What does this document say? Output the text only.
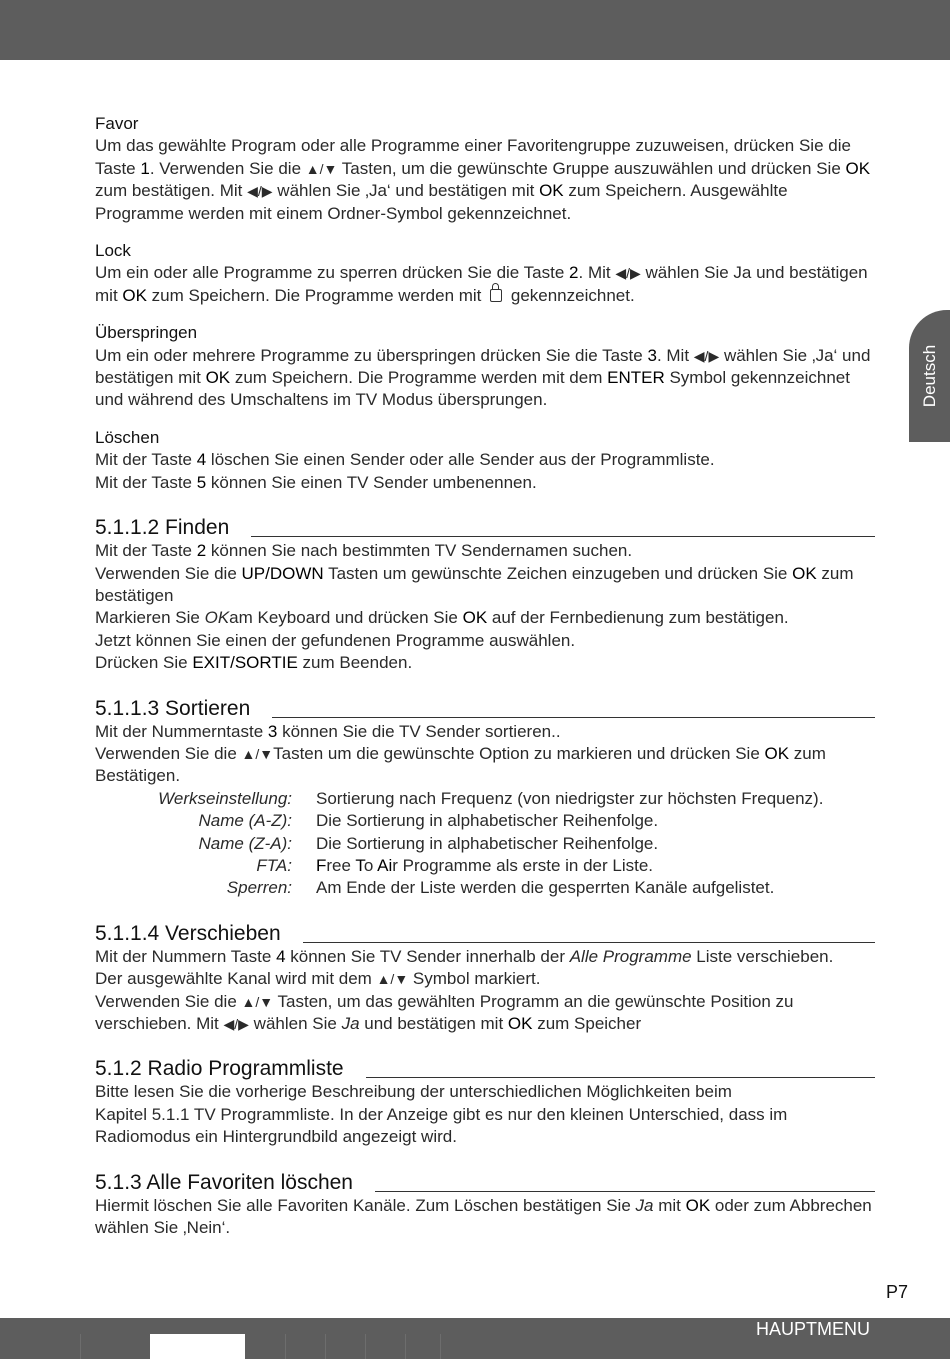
Deutsch
Favor

Um das gewählte Program oder alle Programme einer Favoritengruppe zuzuweisen, drücken Sie die Taste 1. Verwenden Sie die ▲/▼ Tasten, um die gewünschte Gruppe auszuwählen und drücken Sie OK zum bestätigen. Mit ◀/▶ wählen Sie ‚Ja‘ und bestätigen mit OK zum Speichern. Ausgewählte Programme werden mit einem Ordner-Symbol gekennzeichnet.

Lock

Um ein oder alle Programme zu sperren drücken Sie die Taste 2. Mit ◀/▶ wählen Sie Ja und bestätigen mit OK zum Speichern. Die Programme werden mit  gekennzeichnet.

Überspringen

Um ein oder mehrere Programme zu überspringen drücken Sie die Taste 3. Mit ◀/▶ wählen Sie ‚Ja‘ und bestätigen mit OK zum Speichern. Die Programme werden mit dem ENTER Symbol gekennzeichnet und während des Umschaltens im TV Modus übersprungen.

Löschen

Mit der Taste 4 löschen Sie einen Sender oder alle Sender aus der Programmliste.

Mit der Taste 5 können Sie einen TV Sender umbenennen.

5.1.1.2 Finden

Mit der Taste 2 können Sie nach bestimmten TV Sendernamen suchen.

Verwenden Sie die UP/DOWN Tasten um gewünschte Zeichen einzugeben und drücken Sie OK zum bestätigen

Markieren Sie OKam Keyboard und drücken Sie OK auf der Fernbedienung zum bestätigen.

Jetzt können Sie einen der gefundenen Programme auswählen.

Drücken Sie EXIT/SORTIE zum Beenden.

5.1.1.3 Sortieren

Mit der Nummerntaste 3 können Sie die TV Sender sortieren..

Verwenden Sie die ▲/▼Tasten um die gewünschte Option zu markieren und drücken Sie OK zum Bestätigen.

Werkseinstellung: Sortierung nach Frequenz (von niedrigster zur höchsten Frequenz).
Name (A-Z): Die Sortierung in alphabetischer Reihenfolge.
Name (Z-A): Die Sortierung in alphabetischer Reihenfolge.
FTA: Free To Air Programme als erste in der Liste.
Sperren: Am Ende der Liste werden die gesperrten Kanäle aufgelistet.
5.1.1.4 Verschieben

Mit der Nummern Taste 4 können Sie TV Sender innerhalb der Alle Programme Liste verschieben.

Der ausgewählte Kanal wird mit dem ▲/▼ Symbol markiert.

Verwenden Sie die ▲/▼ Tasten, um das gewählten Programm an die gewünschte Position zu verschieben. Mit ◀/▶ wählen Sie Ja und bestätigen mit OK zum Speicher

5.1.2 Radio Programmliste

Bitte lesen Sie die vorherige Beschreibung der unterschiedlichen Möglichkeiten beim

Kapitel 5.1.1 TV Programmliste. In der Anzeige gibt es nur den kleinen Unterschied, dass im Radiomodus ein Hintergrundbild angezeigt wird.

5.1.3 Alle Favoriten löschen

Hiermit löschen Sie alle Favoriten Kanäle. Zum Löschen bestätigen Sie Ja mit OK oder zum Abbrechen wählen Sie ‚Nein‘.

P7
HAUPTMENU
